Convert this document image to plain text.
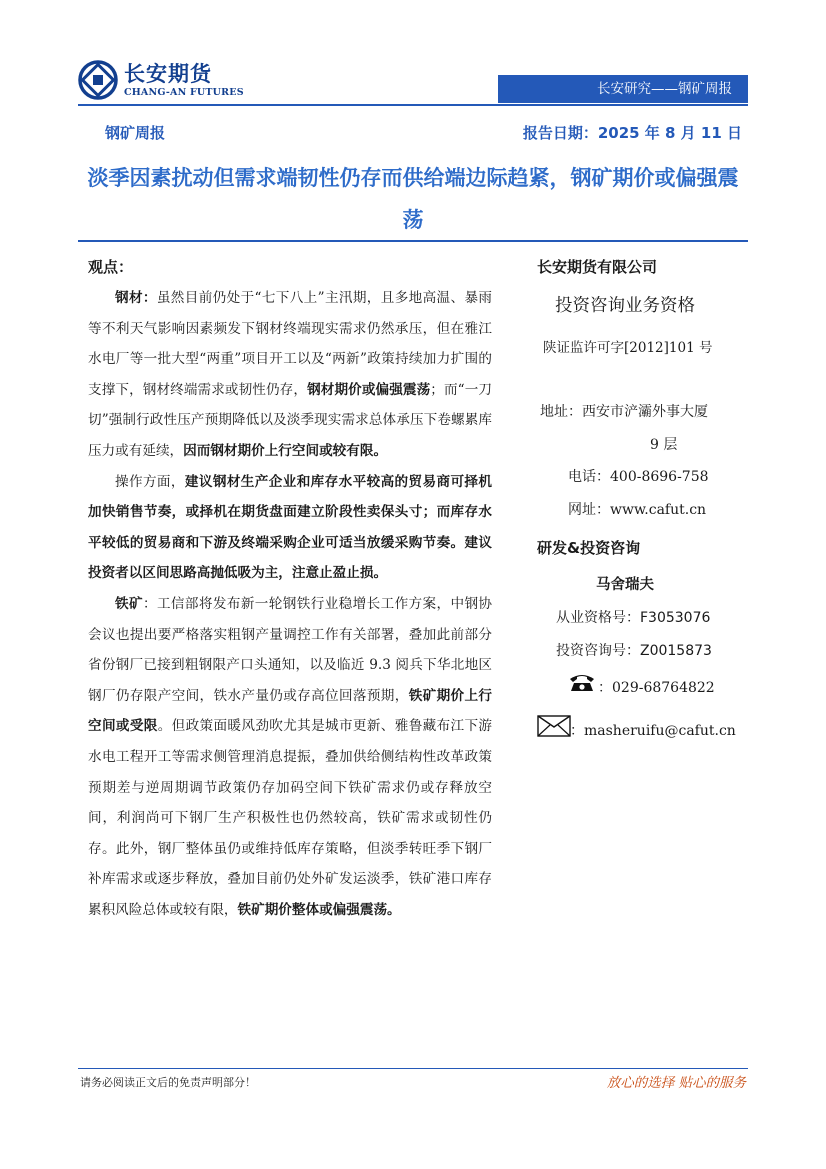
长安期货
CHANG-AN FUTURES	长安研究——钢矿周报
钢矿周报	报告日期：2025 年 8 月 11 日
淡季因素扰动但需求端韧性仍存而供给端边际趋紧，钢矿期价或偏强震荡

观点：

钢材：虽然目前仍处于“七下八上”主汛期，且多地高温、暴雨等不利天气影响因素频发下钢材终端现实需求仍然承压，但在雅江水电厂等一批大型“两重”项目开工以及“两新”政策持续加力扩围的支撑下，钢材终端需求或韧性仍存，钢材期价或偏强震荡；而“一刀切”强制行政性压产预期降低以及淡季现实需求总体承压下卷螺累库压力或有延续，因而钢材期价上行空间或较有限。

操作方面，建议钢材生产企业和库存水平较高的贸易商可择机加快销售节奏，或择机在期货盘面建立阶段性卖保头寸；而库存水平较低的贸易商和下游及终端采购企业可适当放缓采购节奏。建议投资者以区间思路高抛低吸为主，注意止盈止损。

铁矿：工信部将发布新一轮钢铁行业稳增长工作方案，中钢协会议也提出要严格落实粗钢产量调控工作有关部署，叠加此前部分省份钢厂已接到粗钢限产口头通知，以及临近 9.3 阅兵下华北地区钢厂仍存限产空间，铁水产量仍或存高位回落预期，铁矿期价上行空间或受限。但政策面暖风劲吹尤其是城市更新、雅鲁藏布江下游水电工程开工等需求侧管理消息提振，叠加供给侧结构性改革政策预期差与逆周期调节政策仍存加码空间下铁矿需求仍或存释放空间，利润尚可下钢厂生产积极性也仍然较高，铁矿需求或韧性仍存。此外，钢厂整体虽仍或维持低库存策略，但淡季转旺季下钢厂补库需求或逐步释放，叠加目前仍处外矿发运淡季，铁矿港口库存累积风险总体或较有限，铁矿期价整体或偏强震荡。

长安期货有限公司
投资咨询业务资格
陕证监许可字[2012]101 号
地址：西安市浐灞外事大厦
9 层
电话：400-8696-758
网址：www.cafut.cn
研发&投资咨询
马舍瑞夫
从业资格号：F3053076
投资咨询号：Z0015873
：029-68764822
：masheruifu@cafut.cn
请务必阅读正文后的免责声明部分！	放心的选择 贴心的服务
